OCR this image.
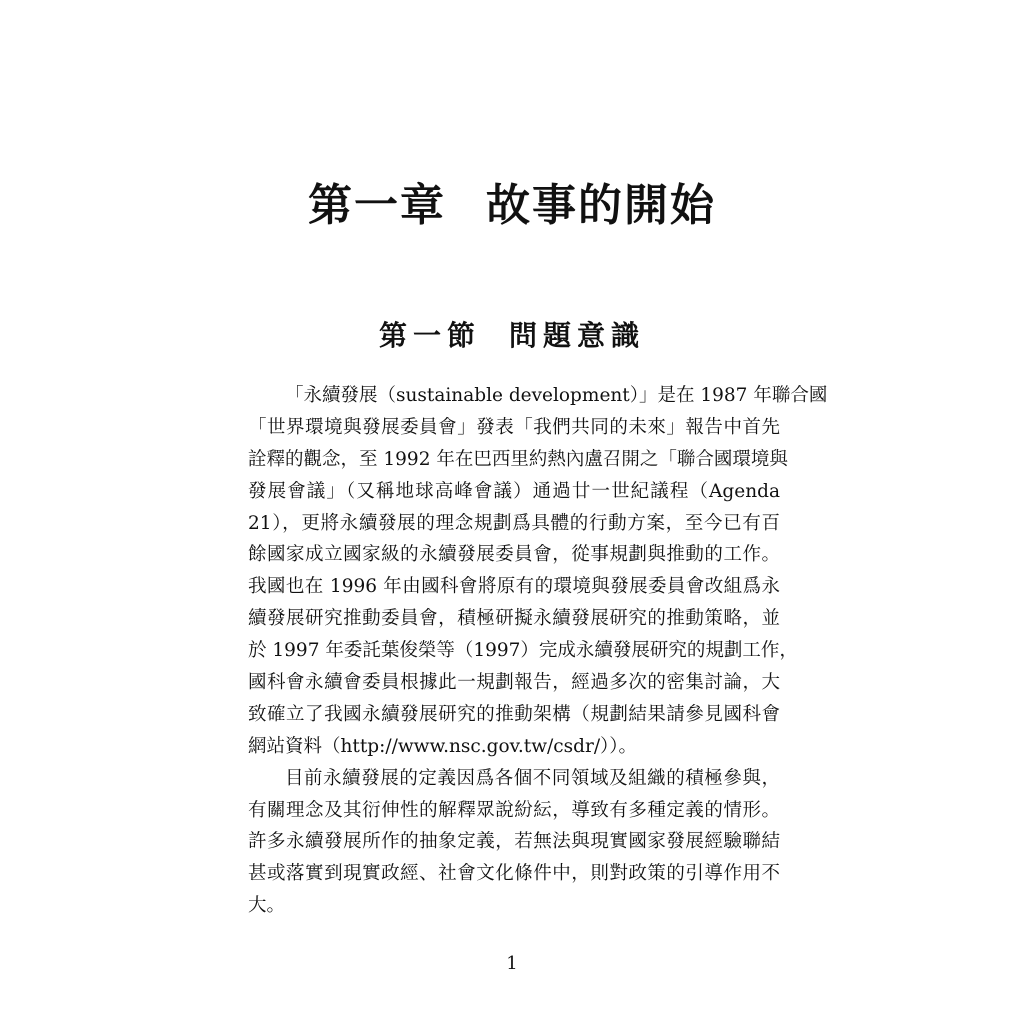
第一章 故事的開始
第一節 問題意識
「永續發展（sustainable development）」是在 1987 年聯合國
「世界環境與發展委員會」發表「我們共同的未來」報告中首先
詮釋的觀念，至 1992 年在巴西里約熱內盧召開之「聯合國環境與
發展會議」（又稱地球高峰會議）通過廿一世紀議程（Agenda
21），更將永續發展的理念規劃爲具體的行動方案，至今已有百
餘國家成立國家級的永續發展委員會，從事規劃與推動的工作。
我國也在 1996 年由國科會將原有的環境與發展委員會改組爲永
續發展研究推動委員會，積極研擬永續發展研究的推動策略，並
於 1997 年委託葉俊榮等（1997）完成永續發展研究的規劃工作，
國科會永續會委員根據此一規劃報告，經過多次的密集討論，大
致確立了我國永續發展研究的推動架構（規劃結果請參見國科會
網站資料（http://www.nsc.gov.tw/csdr/））。
目前永續發展的定義因爲各個不同領域及組織的積極參與，
有關理念及其衍伸性的解釋眾說紛紜，導致有多種定義的情形。
許多永續發展所作的抽象定義，若無法與現實國家發展經驗聯結
甚或落實到現實政經、社會文化條件中，則對政策的引導作用不
大。
1
